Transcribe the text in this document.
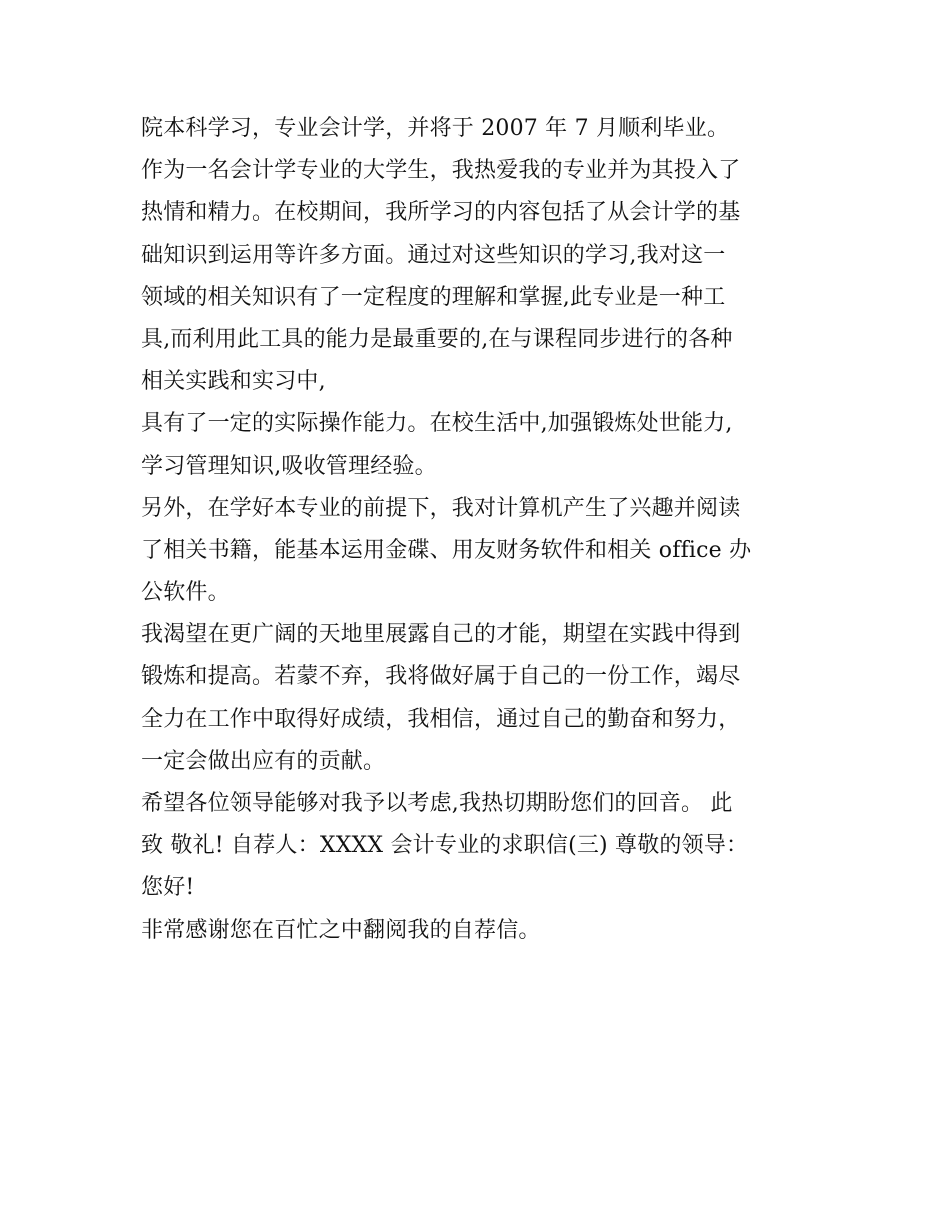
院本科学习，专业会计学，并将于 2007 年 7 月顺利毕业。
作为一名会计学专业的大学生，我热爱我的专业并为其投入了
热情和精力。在校期间，我所学习的内容包括了从会计学的基
础知识到运用等许多方面。通过对这些知识的学习,我对这一
领域的相关知识有了一定程度的理解和掌握,此专业是一种工
具,而利用此工具的能力是最重要的,在与课程同步进行的各种
相关实践和实习中,
具有了一定的实际操作能力。在校生活中,加强锻炼处世能力,
学习管理知识,吸收管理经验。
另外，在学好本专业的前提下，我对计算机产生了兴趣并阅读
了相关书籍，能基本运用金碟、用友财务软件和相关 office 办
公软件。
我渴望在更广阔的天地里展露自己的才能，期望在实践中得到
锻炼和提高。若蒙不弃，我将做好属于自己的一份工作，竭尽
全力在工作中取得好成绩，我相信，通过自己的勤奋和努力，
一定会做出应有的贡献。
希望各位领导能够对我予以考虑,我热切期盼您们的回音。 此
致 敬礼! 自荐人：XXXX 会计专业的求职信(三) 尊敬的领导：
您好!
非常感谢您在百忙之中翻阅我的自荐信。
